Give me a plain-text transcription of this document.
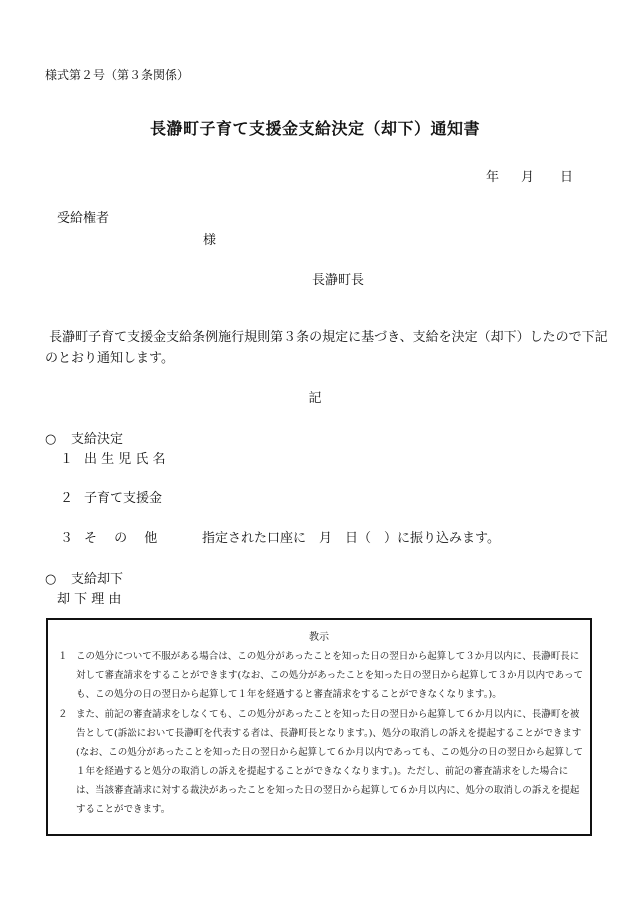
様式第２号（第３条関係）
長瀞町子育て支援金支給決定（却下）通知書
年 月 日
受給権者
様
長瀞町長
長瀞町子育て支援金支給条例施行規則第３条の規定に基づき、支給を決定（却下）したので下記のとおり通知します。
記
○ 支給決定
１ 出 生 児 氏 名
２ 子育て支援金
３ そ　 の　 他	指定された口座に　月　日（　）に振り込みます。
○ 支給却下
却 下 理 由
教示
１ この処分について不服がある場合は、この処分があったことを知った日の翌日から起算して３か月以内に、長瀞町長に対して審査請求をすることができます(なお、この処分があったことを知った日の翌日から起算して３か月以内であっても、この処分の日の翌日から起算して１年を経過すると審査請求をすることができなくなります。)。
２ また、前記の審査請求をしなくても、この処分があったことを知った日の翌日から起算して６か月以内に、長瀞町を被告として(訴訟において長瀞町を代表する者は、長瀞町長となります。)、処分の取消しの訴えを提起することができます(なお、この処分があったことを知った日の翌日から起算して６か月以内であっても、この処分の日の翌日から起算して１年を経過すると処分の取消しの訴えを提起することができなくなります。)。ただし、前記の審査請求をした場合には、当該審査請求に対する裁決があったことを知った日の翌日から起算して６か月以内に、処分の取消しの訴えを提起することができます。
